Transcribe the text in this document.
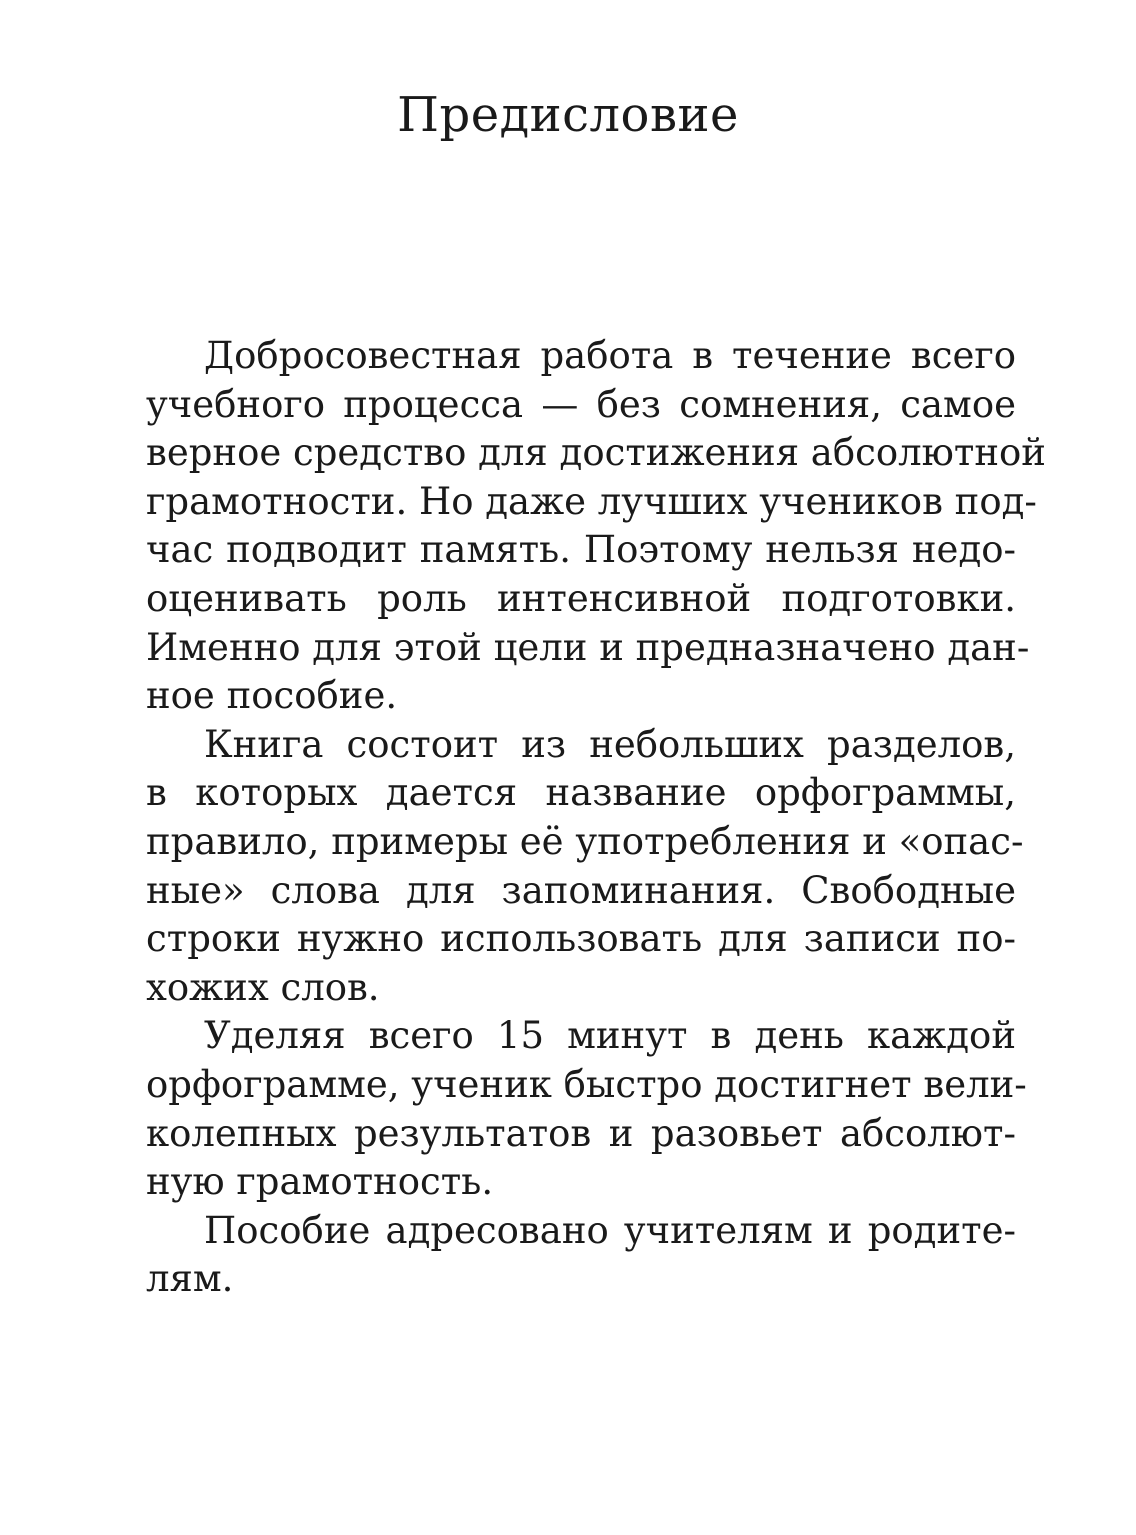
Предисловие

Добросовестная работа в течение всего
учебного процесса — без сомнения, самое
верное средство для достижения абсолютной
грамотности. Но даже лучших учеников под-
час подводит память. Поэтому нельзя недо-
оценивать роль интенсивной подготовки.
Именно для этой цели и предназначено дан-
ное пособие.

Книга состоит из небольших разделов,
в которых дается название орфограммы,
правило, примеры её употребления и «опас-
ные» слова для запоминания. Свободные
строки нужно использовать для записи по-
хожих слов.

Уделяя всего 15 минут в день каждой
орфограмме, ученик быстро достигнет вели-
колепных результатов и разовьет абсолют-
ную грамотность.

Пособие адресовано учителям и родите-
лям.
